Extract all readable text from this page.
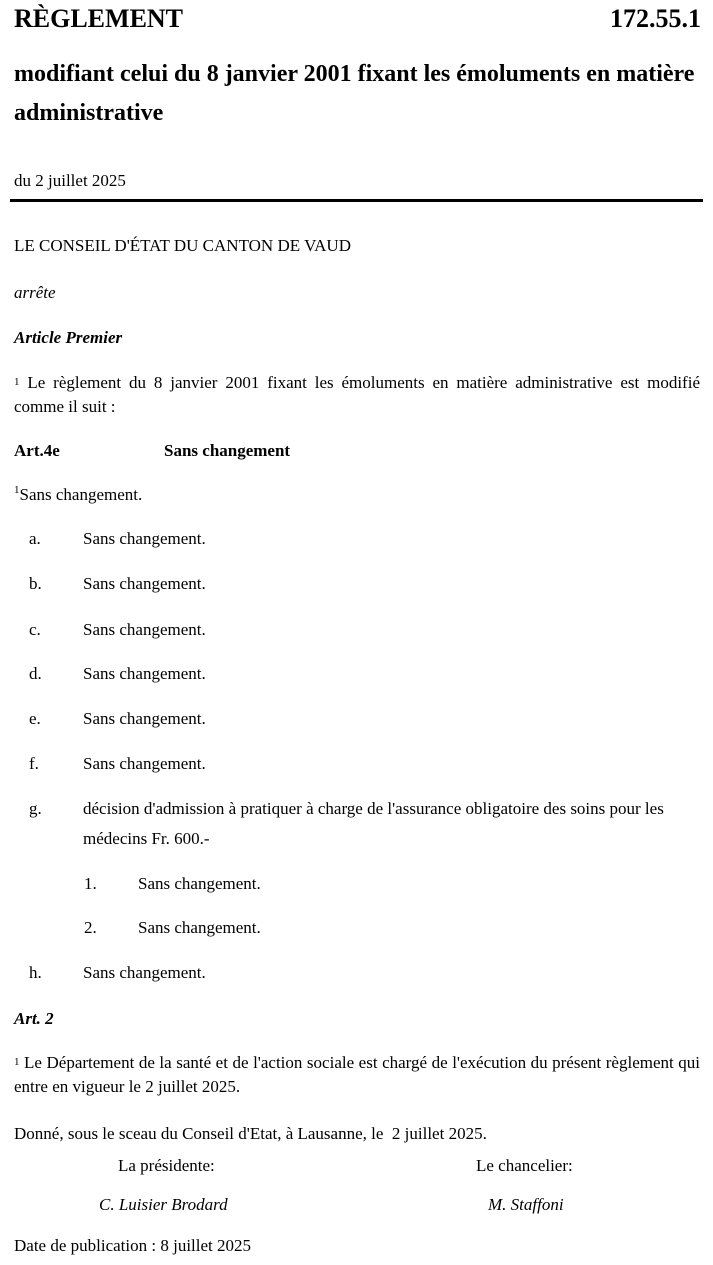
RÈGLEMENT	172.55.1
modifiant celui du 8 janvier 2001 fixant les émoluments en matière administrative
du 2 juillet 2025
LE CONSEIL D'ÉTAT DU CANTON DE VAUD
arrête
Article Premier
$^1$ Le règlement du 8 janvier 2001 fixant les émoluments en matière administrative est modifié comme il suit :
Art.4e	Sans changement
$^1$Sans changement.
a. Sans changement.
b. Sans changement.
c. Sans changement.
d. Sans changement.
e. Sans changement.
f.	Sans changement.
g. décision d'admission à pratiquer à charge de l'assurance obligatoire des soins pour les médecins Fr. 600.-
1. Sans changement.
2. Sans changement.
h. Sans changement.
Art. 2
$^1$ Le Département de la santé et de l'action sociale est chargé de l'exécution du présent règlement qui entre en vigueur le 2 juillet 2025.
Donné, sous le sceau du Conseil d'Etat, à Lausanne, le  2 juillet 2025.
La présidente:	Le chancelier:
C. Luisier Brodard	M. Staffoni
Date de publication : 8 juillet 2025
